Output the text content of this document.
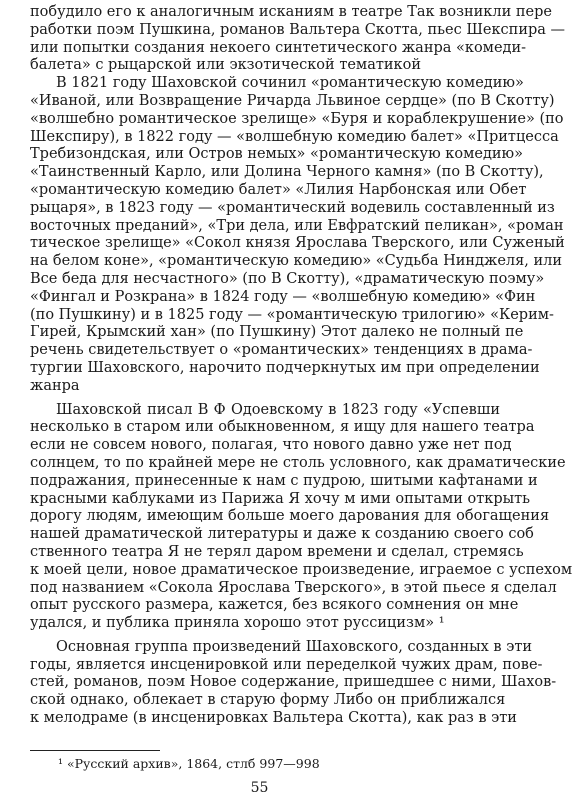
побудило его к аналогичным исканиям в театре Так возникли пере
работки поэм Пушкина, романов Вальтера Скотта, пьес Шекспира —
или попытки создания некоего синтетического жанра «комеди-
балета» с рыцарской или экзотической тематикой
В 1821 году Шаховской сочинил «романтическую комедию»
«Иваной, или Возвращение Ричарда Львиное сердце» (по В Скотту)
«волшебно романтическое зрелище» «Буря и кораблекрушение» (по
Шекспиру), в 1822 году — «волшебную комедию балет» «Притцесса
Требизондская, или Остров немых» «романтическую комедию»
«Таинственный Карло, или Долина Черного камня» (по В Скотту),
«романтическую комедию балет» «Лилия Нарбонская или Обет
рыцаря», в 1823 году — «романтический водевиль составленный из
восточных преданий», «Три дела, или Евфратский пеликан», «роман
тическое зрелище» «Сокол князя Ярослава Тверского, или Суженый
на белом коне», «романтическую комедию» «Судьба Нинджеля, или
Все беда для несчастного» (по В Скотту), «драматическую поэму»
«Фингал и Розкрана» в 1824 году — «волшебную комедию» «Фин
(по Пушкину) и в 1825 году — «романтическую трилогию» «Керим-
Гирей, Крымский хан» (по Пушкину) Этот далеко не полный пе
речень свидетельствует о «романтических» тенденциях в драма-
тургии Шаховского, нарочито подчеркнутых им при определении
жанра
Шаховской писал В Ф Одоевскому в 1823 году «Успевши
несколько в старом или обыкновенном, я ищу для нашего театра
если не совсем нового, полагая, что нового давно уже нет под
солнцем, то по крайней мере не столь условного, как драматические
подражания, принесенные к нам с пудрою, шитыми кафтанами и
красными каблуками из Парижа Я хочу м ими опытами открыть
дорогу людям, имеющим больше моего дарования для обогащения
нашей драматической литературы и даже к созданию своего соб
ственного театра Я не терял даром времени и сделал, стремясь
к моей цели, новое драматическое произведение, играемое с успехом
под названием «Сокола Ярослава Тверского», в этой пьесе я сделал
опыт русского размера, кажется, без всякого сомнения он мне
удался, и публика приняла хорошо этот руссицизм» ¹
Основная группа произведений Шаховского, созданных в эти
годы, является инсценировкой или переделкой чужих драм, пове-
стей, романов, поэм Новое содержание, пришедшее с ними, Шахов-
ской однако, облекает в старую форму Либо он приближался
к мелодраме (в инсценировках Вальтера Скотта), как раз в эти
¹ «Русский архив», 1864, стлб 997—998
55
